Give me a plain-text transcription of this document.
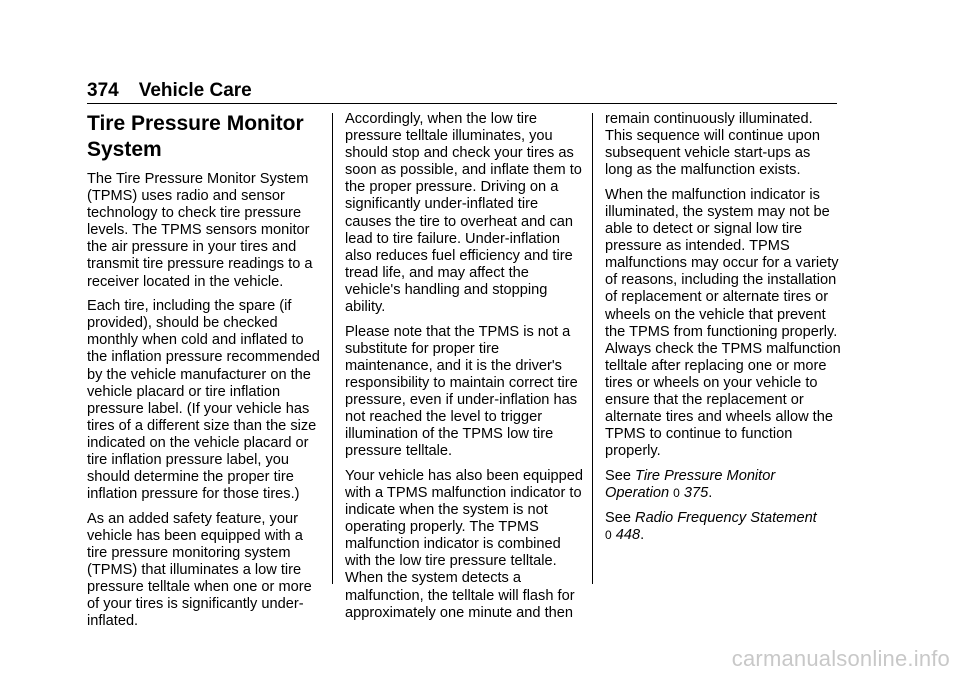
374 Vehicle Care
Tire Pressure Monitor System

The Tire Pressure Monitor System (TPMS) uses radio and sensor technology to check tire pressure levels. The TPMS sensors monitor the air pressure in your tires and transmit tire pressure readings to a receiver located in the vehicle.

Each tire, including the spare (if provided), should be checked monthly when cold and inflated to the inflation pressure recommended by the vehicle manufacturer on the vehicle placard or tire inflation pressure label. (If your vehicle has tires of a different size than the size indicated on the vehicle placard or tire inflation pressure label, you should determine the proper tire inflation pressure for those tires.)

As an added safety feature, your vehicle has been equipped with a tire pressure monitoring system (TPMS) that illuminates a low tire pressure telltale when one or more of your tires is significantly under-inflated.

Accordingly, when the low tire pressure telltale illuminates, you should stop and check your tires as soon as possible, and inflate them to the proper pressure. Driving on a significantly under-inflated tire causes the tire to overheat and can lead to tire failure. Under-inflation also reduces fuel efficiency and tire tread life, and may affect the vehicle's handling and stopping ability.

Please note that the TPMS is not a substitute for proper tire maintenance, and it is the driver's responsibility to maintain correct tire pressure, even if under-inflation has not reached the level to trigger illumination of the TPMS low tire pressure telltale.

Your vehicle has also been equipped with a TPMS malfunction indicator to indicate when the system is not operating properly. The TPMS malfunction indicator is combined with the low tire pressure telltale. When the system detects a malfunction, the telltale will flash for approximately one minute and then

remain continuously illuminated. This sequence will continue upon subsequent vehicle start-ups as long as the malfunction exists.

When the malfunction indicator is illuminated, the system may not be able to detect or signal low tire pressure as intended. TPMS malfunctions may occur for a variety of reasons, including the installation of replacement or alternate tires or wheels on the vehicle that prevent the TPMS from functioning properly. Always check the TPMS malfunction telltale after replacing one or more tires or wheels on your vehicle to ensure that the replacement or alternate tires and wheels allow the TPMS to continue to function properly.

See Tire Pressure Monitor Operation 0 375.

See Radio Frequency Statement
0 448.

carmanualsonline.info
